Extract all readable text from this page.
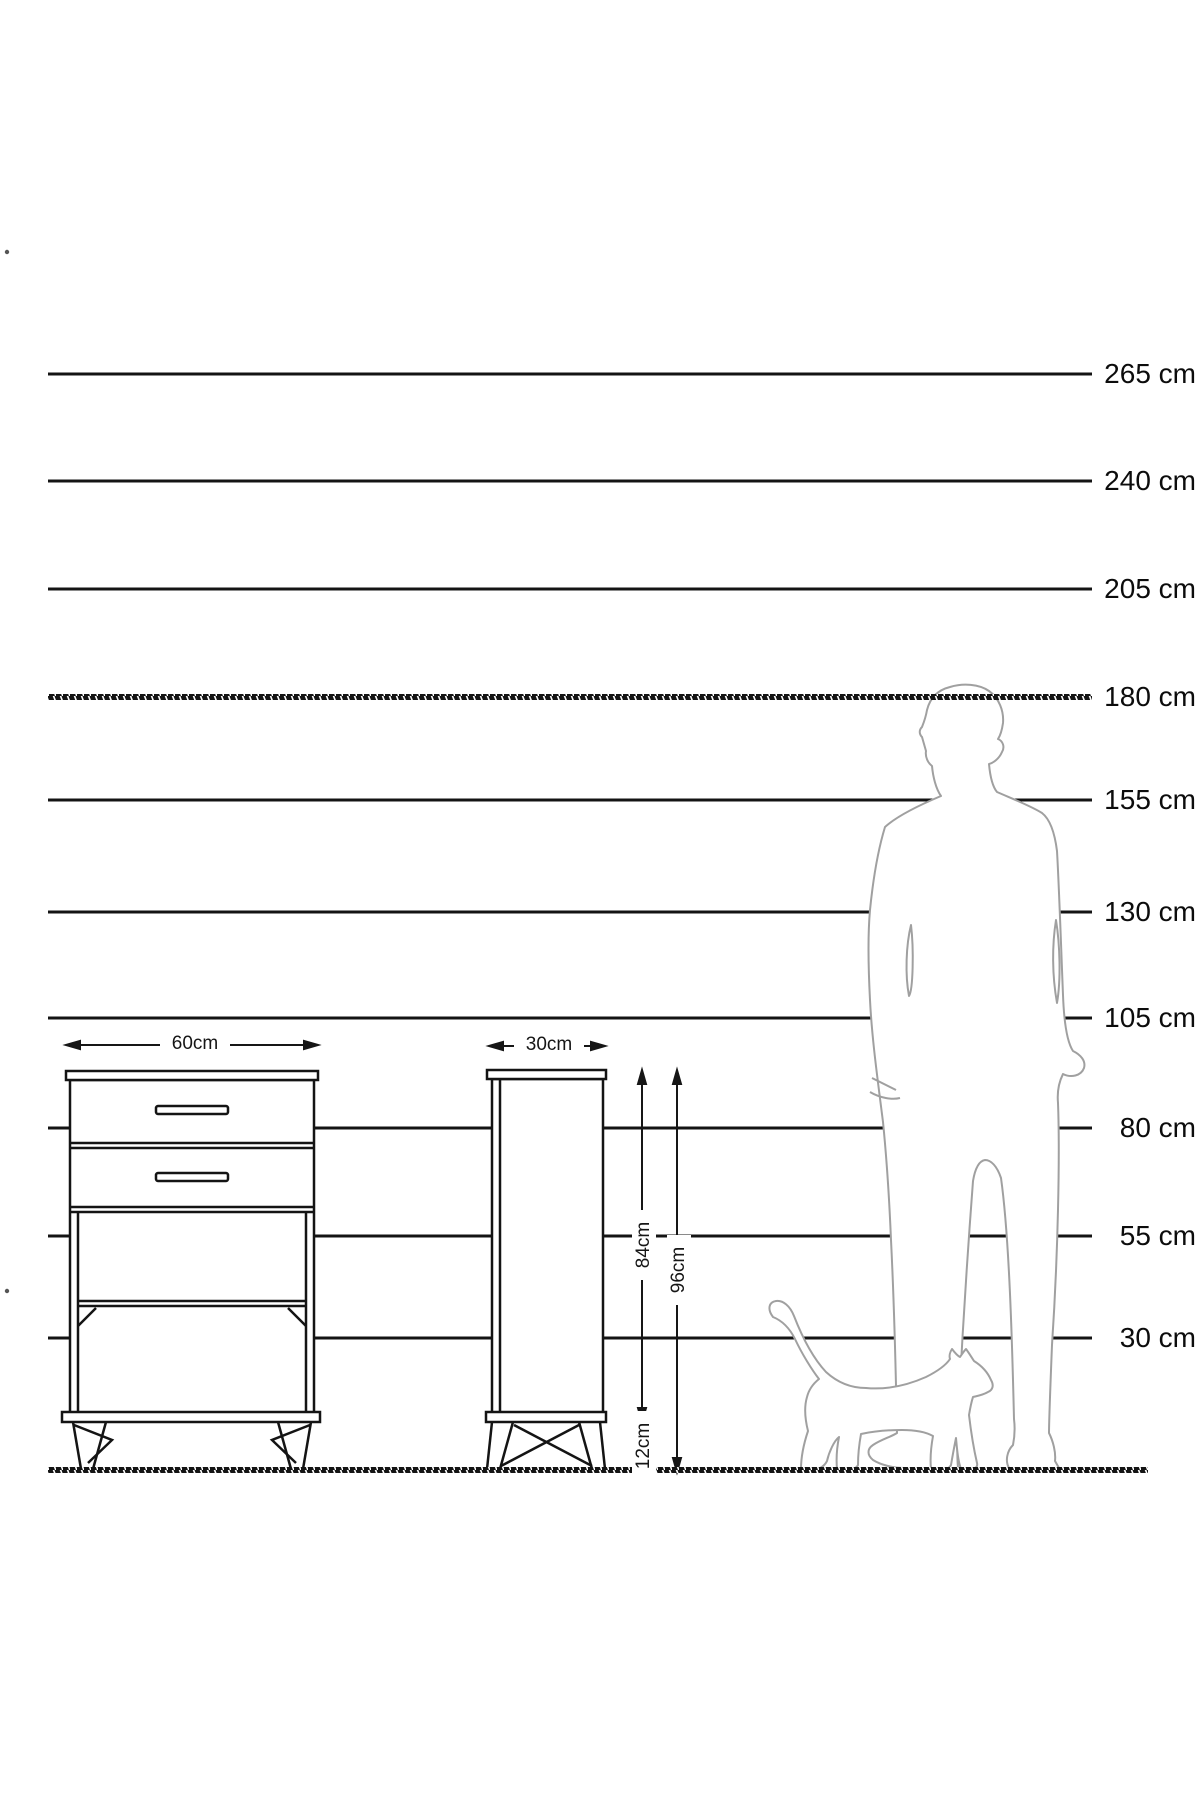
265 cm
240 cm
205 cm
180 cm
155 cm
130 cm
105 cm
80 cm
55 cm
30 cm
60cm	30cm
84cm
96cm
12cm
